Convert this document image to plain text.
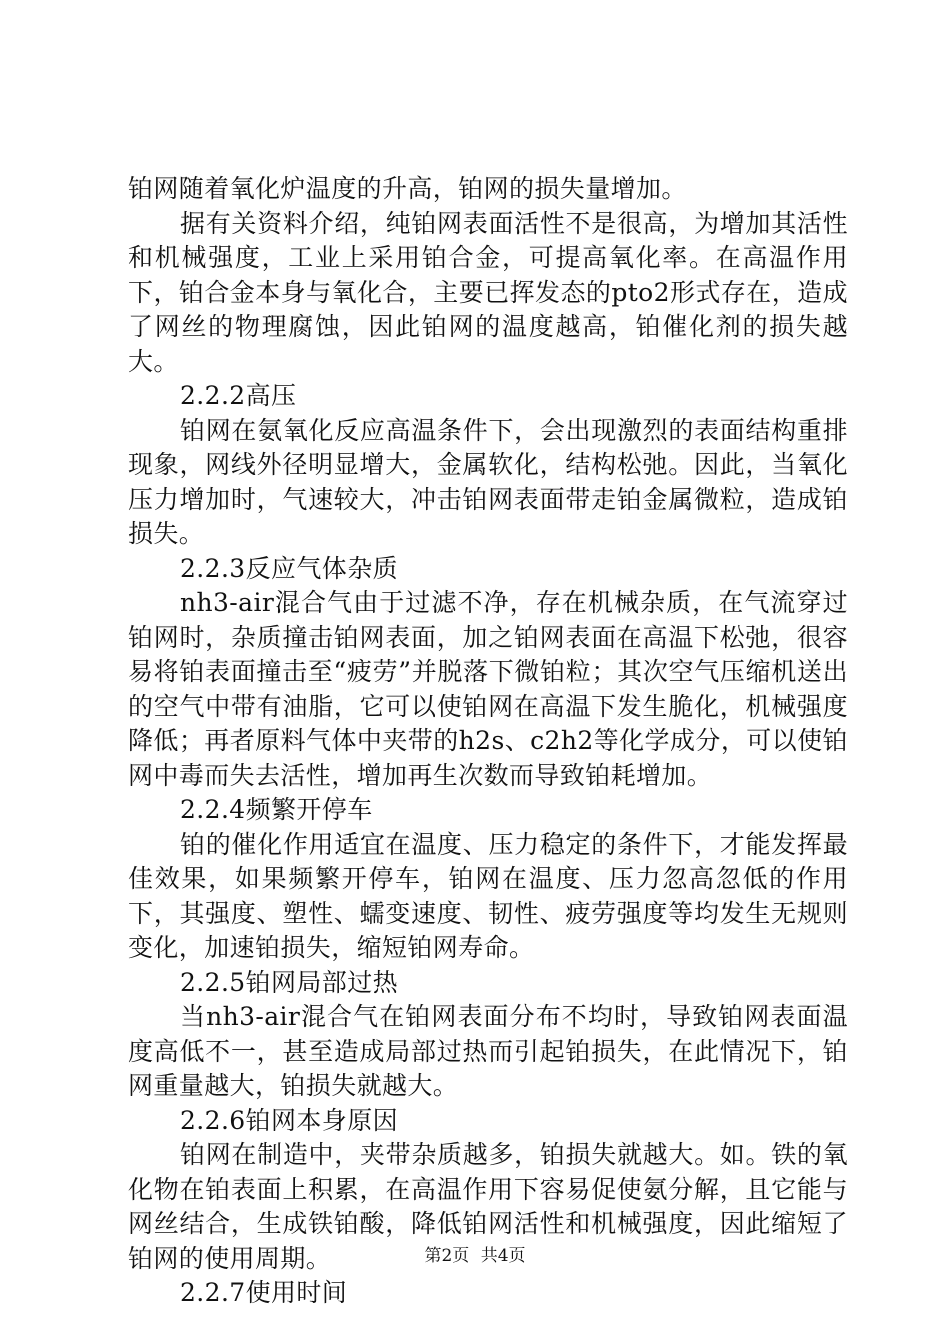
铂网随着氧化炉温度的升高，铂网的损失量增加。

据有关资料介绍，纯铂网表面活性不是很高，为增加其活性和机械强度，工业上采用铂合金，可提高氧化率。在高温作用下，铂合金本身与氧化合，主要已挥发态的pto2形式存在，造成了网丝的物理腐蚀，因此铂网的温度越高，铂催化剂的损失越大。

2.2.2高压

铂网在氨氧化反应高温条件下，会出现激烈的表面结构重排现象，网线外径明显增大，金属软化，结构松弛。因此，当氧化压力增加时，气速较大，冲击铂网表面带走铂金属微粒，造成铂损失。

2.2.3反应气体杂质

nh3-air混合气由于过滤不净，存在机械杂质，在气流穿过铂网时，杂质撞击铂网表面，加之铂网表面在高温下松弛，很容易将铂表面撞击至“疲劳”并脱落下微铂粒；其次空气压缩机送出的空气中带有油脂，它可以使铂网在高温下发生脆化，机械强度降低；再者原料气体中夹带的h2s、c2h2等化学成分，可以使铂网中毒而失去活性，增加再生次数而导致铂耗增加。

2.2.4频繁开停车

铂的催化作用适宜在温度、压力稳定的条件下，才能发挥最佳效果，如果频繁开停车，铂网在温度、压力忽高忽低的作用下，其强度、塑性、蠕变速度、韧性、疲劳强度等均发生无规则变化，加速铂损失，缩短铂网寿命。

2.2.5铂网局部过热

当nh3-air混合气在铂网表面分布不均时，导致铂网表面温度高低不一，甚至造成局部过热而引起铂损失，在此情况下，铂网重量越大，铂损失就越大。

2.2.6铂网本身原因

铂网在制造中，夹带杂质越多，铂损失就越大。如。铁的氧化物在铂表面上积累，在高温作用下容易促使氨分解，且它能与网丝结合，生成铁铂酸，降低铂网活性和机械强度，因此缩短了铂网的使用周期。

2.2.7使用时间

第2页 共4页
